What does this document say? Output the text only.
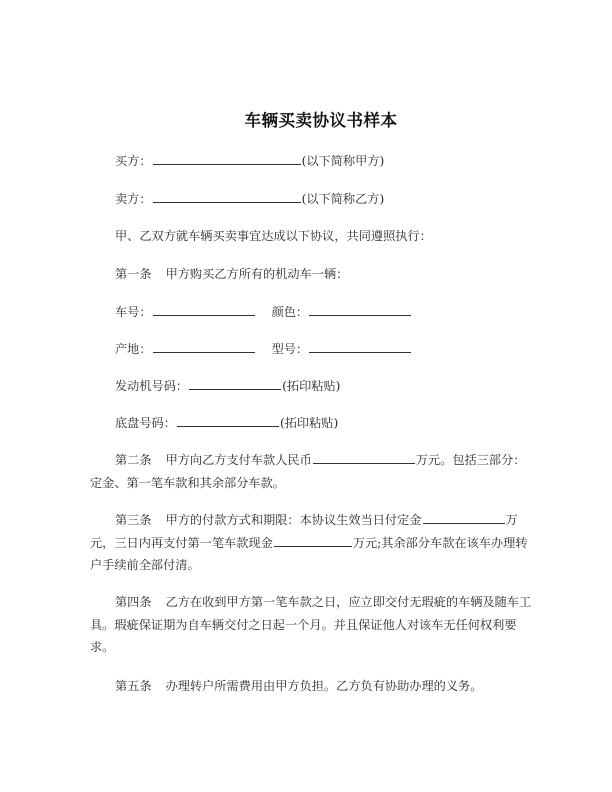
车辆买卖协议书样本
买方：	(以下简称甲方)
卖方：	(以下简称乙方)
甲、乙双方就车辆买卖事宜达成以下协议，共同遵照执行：
第一条 甲方购买乙方所有的机动车一辆：
车号：	颜色：
产地：	型号：
发动机号码：	(拓印粘贴)
底盘号码：	(拓印粘贴)
第二条 甲方向乙方支付车款人民币	万元。包括三部分：
定金、第一笔车款和其余部分车款。
第三条 甲方的付款方式和期限：本协议生效当日付定金	万
元，三日内再支付第一笔车款现金	万元;其余部分车款在该车办理转
户手续前全部付清。
第四条 乙方在收到甲方第一笔车款之日，应立即交付无瑕疵的车辆及随车工
具。瑕疵保证期为自车辆交付之日起一个月。并且保证他人对该车无任何权利要
求。
第五条 办理转户所需费用由甲方负担。乙方负有协助办理的义务。
